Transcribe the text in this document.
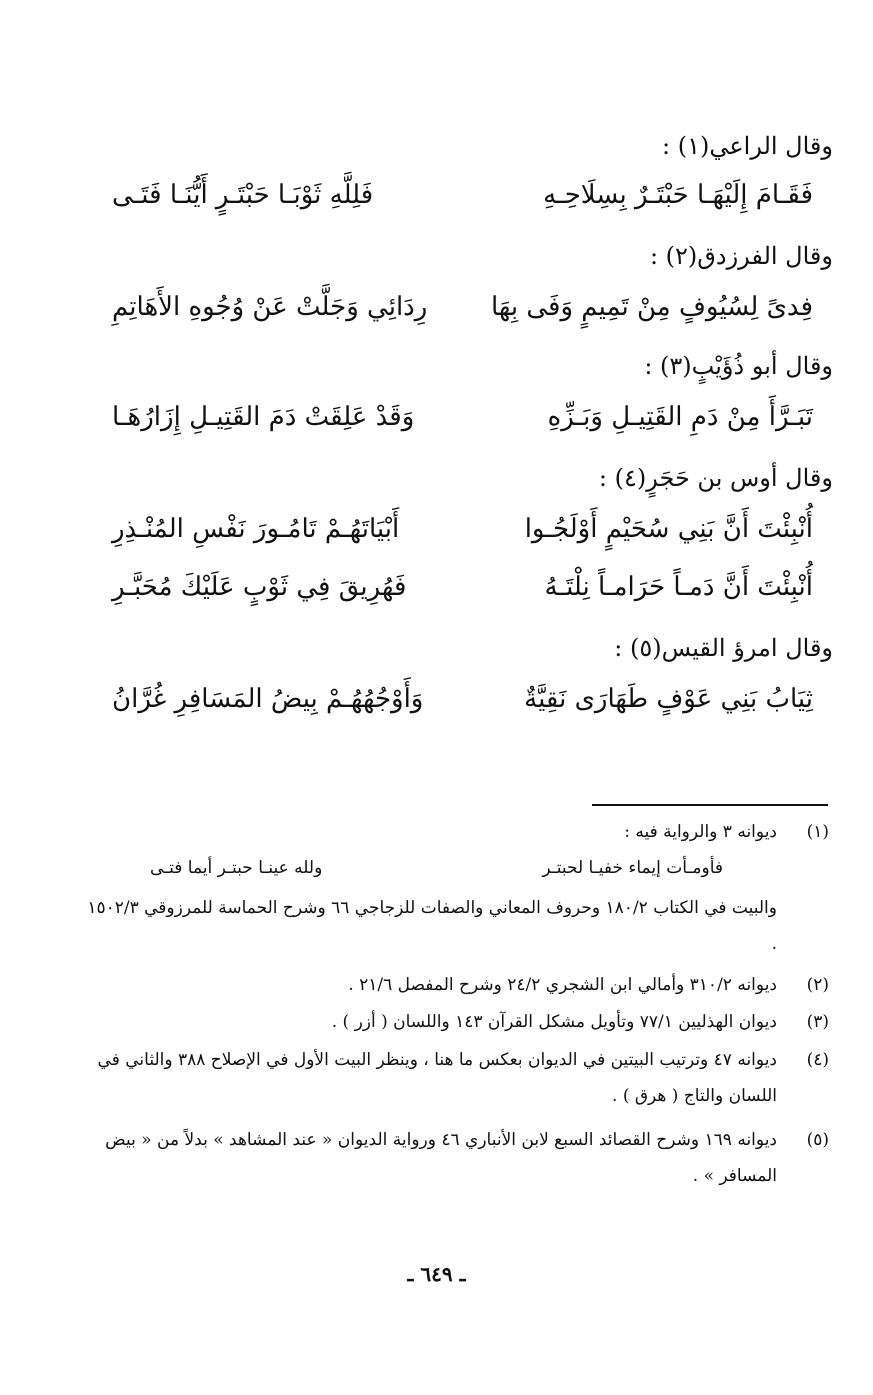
وقال الراعي(١) :
فَقَـامَ إِلَيْهَـا حَبْتَـرٌ بِسِلَاحِـهِ
فَلِلَّهِ ثَوْبَـا حَبْتَـرٍ أَيُّنَـا فَتَـى
وقال الفرزدق(٢) :
فِدىً لِسُيُوفٍ مِنْ تَمِيمٍ وَفَى بِهَا
رِدَائِي وَجَلَّتْ عَنْ وُجُوهِ الأَهَاتِمِ
وقال أبو ذُؤَيْبٍ(٣) :
تَبَـرَّأَ مِنْ دَمِ القَتِيـلِ وَبَـزِّهِ
وَقَدْ عَلِقَتْ دَمَ القَتِيـلِ إِزَارُهَـا
وقال أوس بن حَجَرٍ(٤) :
أُنْبِئْتَ أَنَّ بَنِي سُحَيْمٍ أَوْلَجُـوا
أَبْيَاتَهُـمْ تَامُـورَ نَفْسِ المُنْـذِرِ
أُنْبِئْتَ أَنَّ دَمـاً حَرَامـاً نِلْتَـهُ
فَهُرِيقَ فِي ثَوْبٍ عَلَيْكَ مُحَبَّـرِ
وقال امرؤ القيس(٥) :
ثِيَابُ بَنِي عَوْفٍ طَهَارَى نَقِيَّةٌ
وَأَوْجُهُهُـمْ بِيضُ المَسَافِرِ غُرَّانُ
(١)
ديوانه ٣ والرواية فيه :
فأومـأت إيماء خفيـا لحبتـر
ولله عينـا حبتـر أيما فتـى
والبيت في الكتاب ١٨٠/٢ وحروف المعاني والصفات للزجاجي ٦٦ وشرح الحماسة للمرزوقي ١٥٠٢/٣ .
(٢)
ديوانه ٣١٠/٢ وأمالي ابن الشجري ٢٤/٢ وشرح المفصل ٢١/٦ .
(٣)
ديوان الهذليين ٧٧/١ وتأويل مشكل القرآن ١٤٣ واللسان ( أزر ) .
(٤)
ديوانه ٤٧ وترتيب البيتين في الديوان بعكس ما هنا ، وينظر البيت الأول في الإصلاح ٣٨٨ والثاني في اللسان والتاج ( هرق ) .
(٥)
ديوانه ١٦٩ وشرح القصائد السبع لابن الأنباري ٤٦ ورواية الديوان « عند المشاهد » بدلاً من « بيض المسافر » .
ـ ٦٤٩ ـ
